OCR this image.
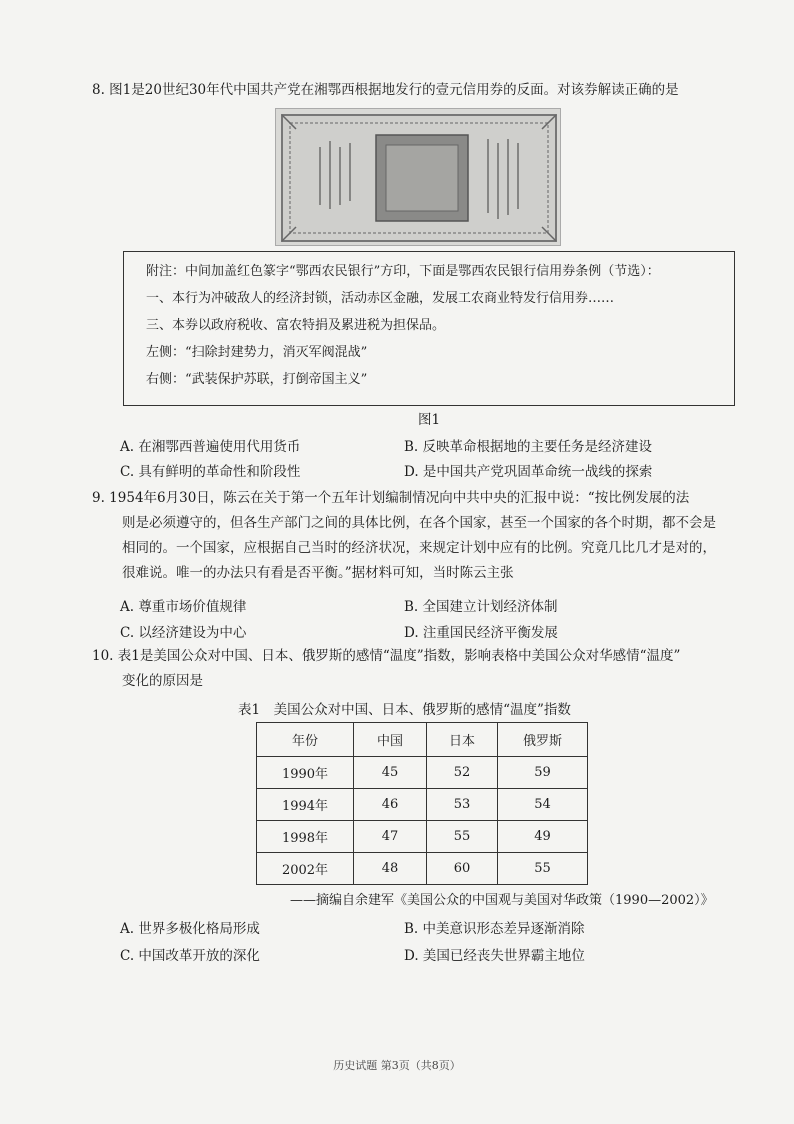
8. 图1是20世纪30年代中国共产党在湘鄂西根据地发行的壹元信用券的反面。对该券解读正确的是
附注：中间加盖红色篆字“鄂西农民银行”方印，下面是鄂西农民银行信用券条例（节选）：
一、本行为冲破敌人的经济封锁，活动赤区金融，发展工农商业特发行信用券……
三、本券以政府税收、富农特捐及累进税为担保品。
左侧：“扫除封建势力，消灭军阀混战”
右侧：“武装保护苏联，打倒帝国主义”
图1
A. 在湘鄂西普遍使用代用货币	B. 反映革命根据地的主要任务是经济建设
C. 具有鲜明的革命性和阶段性	D. 是中国共产党巩固革命统一战线的探索
9. 1954年6月30日，陈云在关于第一个五年计划编制情况向中共中央的汇报中说：“按比例发展的法
则是必须遵守的，但各生产部门之间的具体比例，在各个国家，甚至一个国家的各个时期，都不会是
相同的。一个国家，应根据自己当时的经济状况，来规定计划中应有的比例。究竟几比几才是对的，
很难说。唯一的办法只有看是否平衡。”据材料可知，当时陈云主张
A. 尊重市场价值规律	B. 全国建立计划经济体制
C. 以经济建设为中心	D. 注重国民经济平衡发展
10. 表1是美国公众对中国、日本、俄罗斯的感情“温度”指数，影响表格中美国公众对华感情“温度”
变化的原因是
表1　美国公众对中国、日本、俄罗斯的感情“温度”指数
年份	中国	日本	俄罗斯
1990年	45	52	59
1994年	46	53	54
1998年	47	55	49
2002年	48	60	55
——摘编自余建军《美国公众的中国观与美国对华政策（1990—2002）》
A. 世界多极化格局形成	B. 中美意识形态差异逐渐消除
C. 中国改革开放的深化	D. 美国已经丧失世界霸主地位
历史试题 第3页（共8页）
